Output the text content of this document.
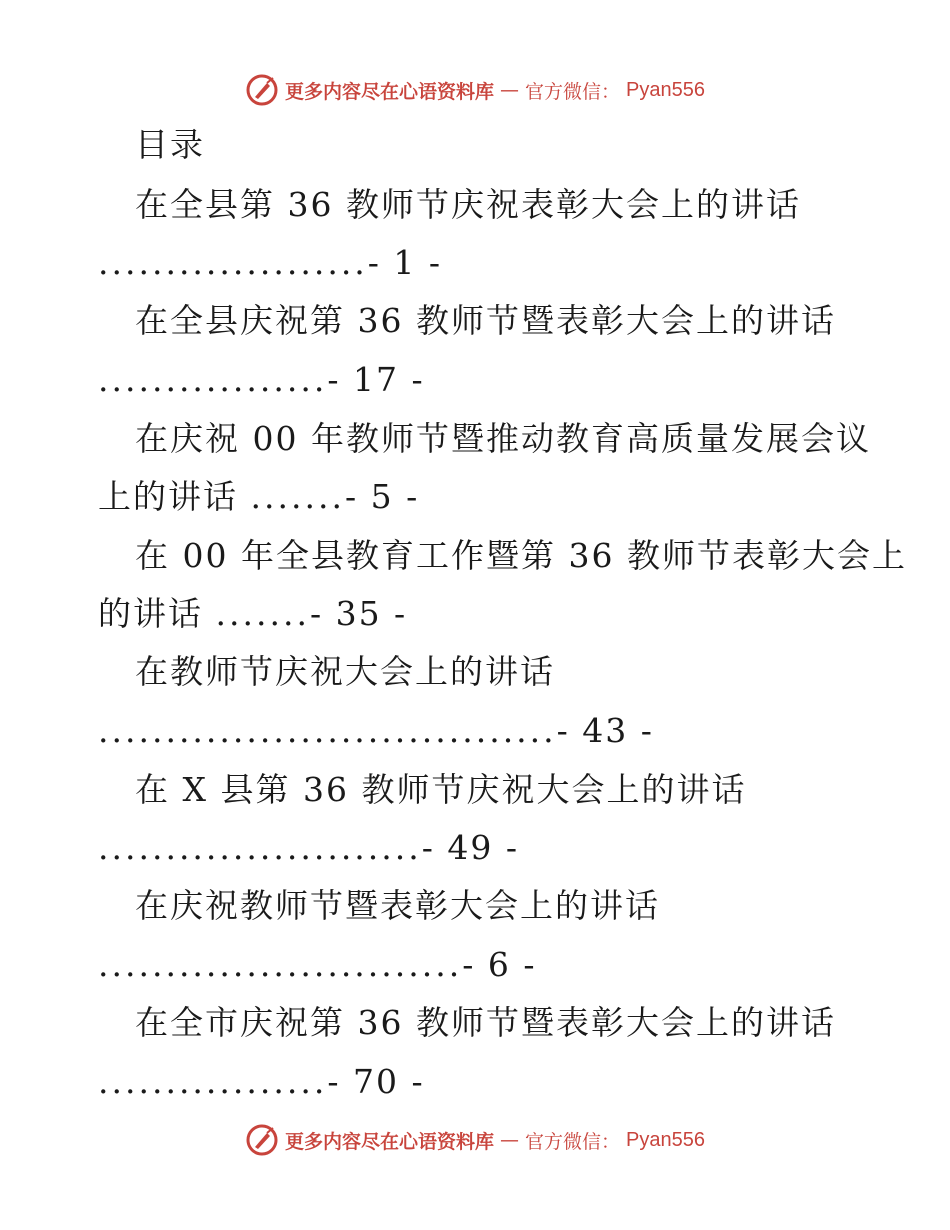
更多内容尽在心语资料库 — 官方微信： Pyan556
目录
在全县第 36 教师节庆祝表彰大会上的讲话
....................- 1 -
在全县庆祝第 36 教师节暨表彰大会上的讲话
.................- 17 -
在庆祝 00 年教师节暨推动教育高质量发展会议
上的讲话 .......- 5 -
在 00 年全县教育工作暨第 36 教师节表彰大会上
的讲话 .......- 35 -
在教师节庆祝大会上的讲话
..................................- 43 -
在 X 县第 36 教师节庆祝大会上的讲话
........................- 49 -
在庆祝教师节暨表彰大会上的讲话
...........................- 6 -
在全市庆祝第 36 教师节暨表彰大会上的讲话
.................- 70 -
更多内容尽在心语资料库 — 官方微信： Pyan556
